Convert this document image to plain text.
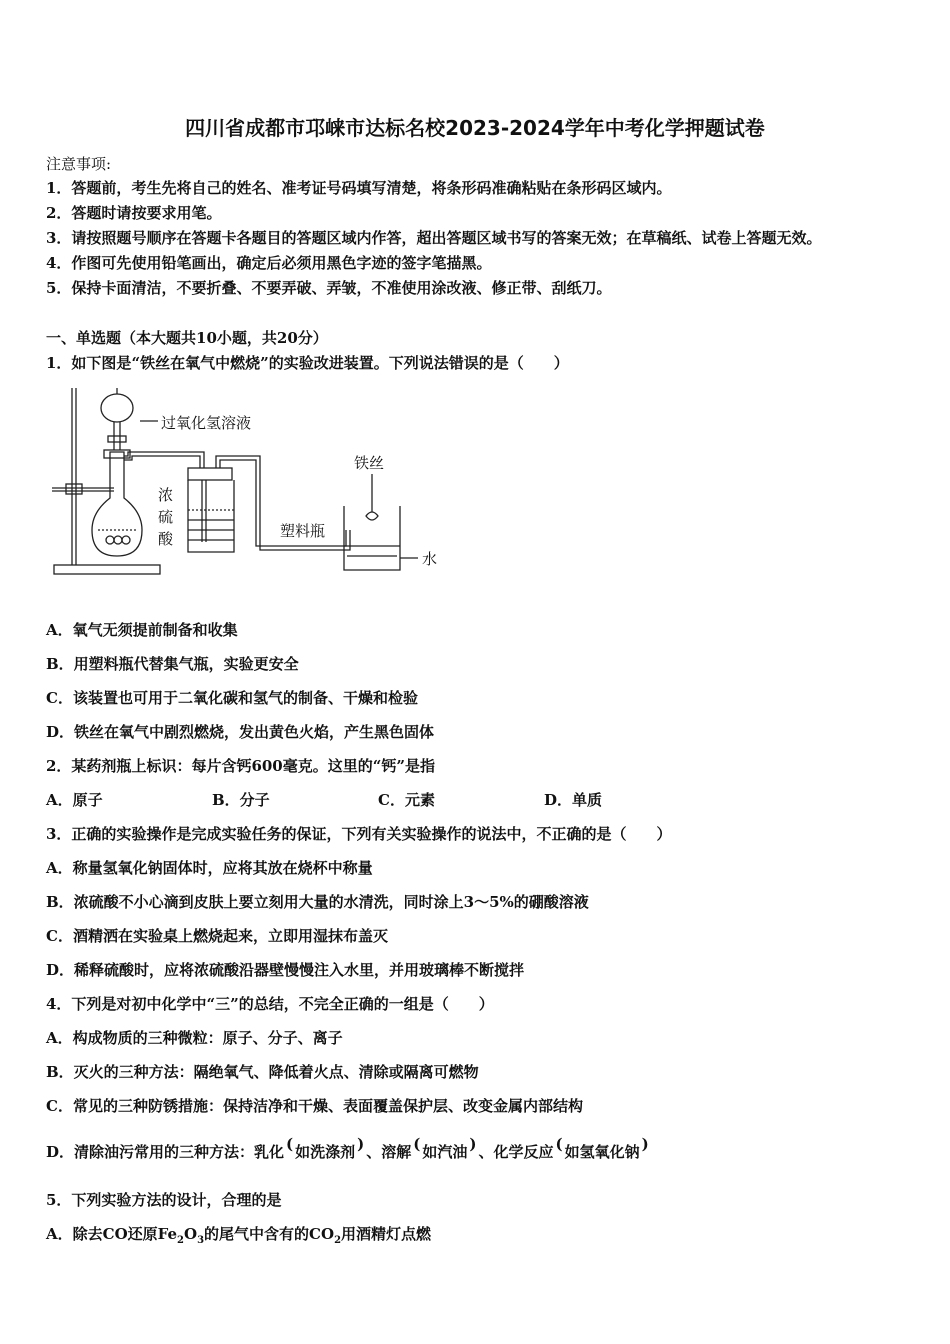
四川省成都市邛崃市达标名校2023-2024学年中考化学押题试卷
注意事项:
1．答题前，考生先将自己的姓名、准考证号码填写清楚，将条形码准确粘贴在条形码区域内。
2．答题时请按要求用笔。
3．请按照题号顺序在答题卡各题目的答题区域内作答，超出答题区域书写的答案无效；在草稿纸、试卷上答题无效。
4．作图可先使用铅笔画出，确定后必须用黑色字迹的签字笔描黑。
5．保持卡面清洁，不要折叠、不要弄破、弄皱，不准使用涂改液、修正带、刮纸刀。
一、单选题（本大题共10小题，共20分）
1．如下图是“铁丝在氧气中燃烧”的实验改进装置。下列说法错误的是（　　）
过氧化氢溶液
浓
硫
酸	塑料瓶
铁丝
水
A．氧气无须提前制备和收集
B．用塑料瓶代替集气瓶，实验更安全
C．该装置也可用于二氧化碳和氢气的制备、干燥和检验
D．铁丝在氧气中剧烈燃烧，发出黄色火焰，产生黑色固体
2．某药剂瓶上标识：每片含钙600毫克。这里的“钙”是指
A．原子	B．分子	C．元素	D．单质
3．正确的实验操作是完成实验任务的保证，下列有关实验操作的说法中，不正确的是（　　）
A．称量氢氧化钠固体时，应将其放在烧杯中称量
B．浓硫酸不小心滴到皮肤上要立刻用大量的水清洗，同时涂上3～5%的硼酸溶液
C．酒精洒在实验桌上燃烧起来，立即用湿抹布盖灭
D．稀释硫酸时，应将浓硫酸沿器壁慢慢注入水里，并用玻璃棒不断搅拌
4．下列是对初中化学中“三”的总结，不完全正确的一组是（　　）
A．构成物质的三种微粒：原子、分子、离子
B．灭火的三种方法：隔绝氧气、降低着火点、清除或隔离可燃物
C．常见的三种防锈措施：保持洁净和干燥、表面覆盖保护层、改变金属内部结构
D．清除油污常用的三种方法：乳化 ( 如洗涤剂 ) 、溶解 ( 如汽油 ) 、化学反应 ( 如氢氧化钠 )
5．下列实验方法的设计，合理的是
A．除去CO还原$Fe_2O_3$的尾气中含有的$CO_2$用酒精灯点燃
